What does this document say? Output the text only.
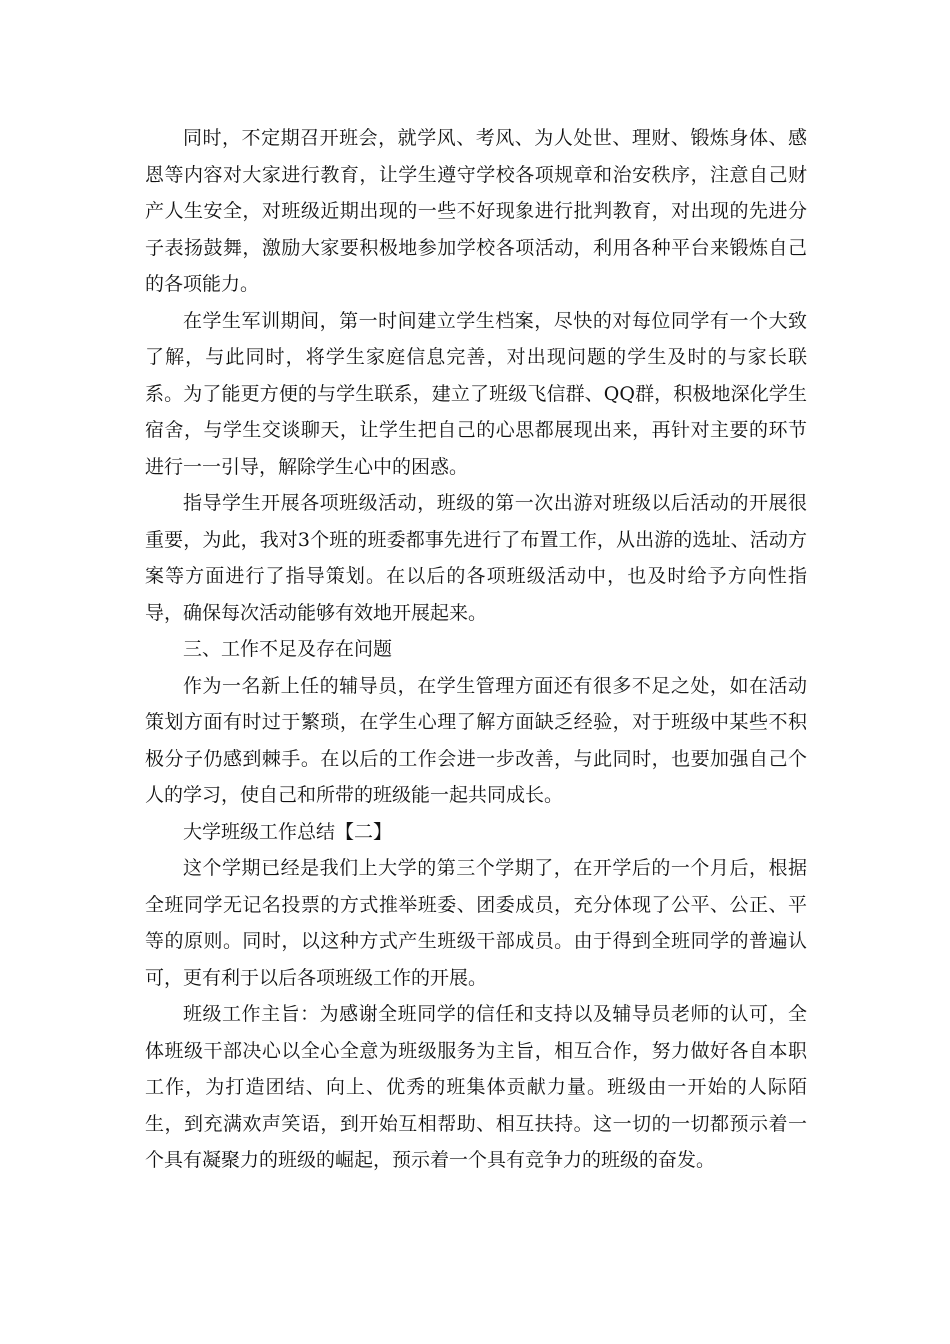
同时，不定期召开班会，就学风、考风、为人处世、理财、锻炼身体、感恩等内容对大家进行教育，让学生遵守学校各项规章和治安秩序，注意自己财产人生安全，对班级近期出现的一些不好现象进行批判教育，对出现的先进分子表扬鼓舞，激励大家要积极地参加学校各项活动，利用各种平台来锻炼自己的各项能力。

在学生军训期间，第一时间建立学生档案，尽快的对每位同学有一个大致了解，与此同时，将学生家庭信息完善，对出现问题的学生及时的与家长联系。为了能更方便的与学生联系，建立了班级飞信群、QQ群，积极地深化学生宿舍，与学生交谈聊天，让学生把自己的心思都展现出来，再针对主要的环节进行一一引导，解除学生心中的困惑。

指导学生开展各项班级活动，班级的第一次出游对班级以后活动的开展很重要，为此，我对3个班的班委都事先进行了布置工作，从出游的选址、活动方案等方面进行了指导策划。在以后的各项班级活动中，也及时给予方向性指导，确保每次活动能够有效地开展起来。

三、工作不足及存在问题

作为一名新上任的辅导员，在学生管理方面还有很多不足之处，如在活动策划方面有时过于繁琐，在学生心理了解方面缺乏经验，对于班级中某些不积极分子仍感到棘手。在以后的工作会进一步改善，与此同时，也要加强自己个人的学习，使自己和所带的班级能一起共同成长。

大学班级工作总结【二】

这个学期已经是我们上大学的第三个学期了，在开学后的一个月后，根据全班同学无记名投票的方式推举班委、团委成员，充分体现了公平、公正、平等的原则。同时，以这种方式产生班级干部成员。由于得到全班同学的普遍认可，更有利于以后各项班级工作的开展。

班级工作主旨：为感谢全班同学的信任和支持以及辅导员老师的认可，全体班级干部决心以全心全意为班级服务为主旨，相互合作，努力做好各自本职工作，为打造团结、向上、优秀的班集体贡献力量。班级由一开始的人际陌生，到充满欢声笑语，到开始互相帮助、相互扶持。这一切的一切都预示着一个具有凝聚力的班级的崛起，预示着一个具有竞争力的班级的奋发。
